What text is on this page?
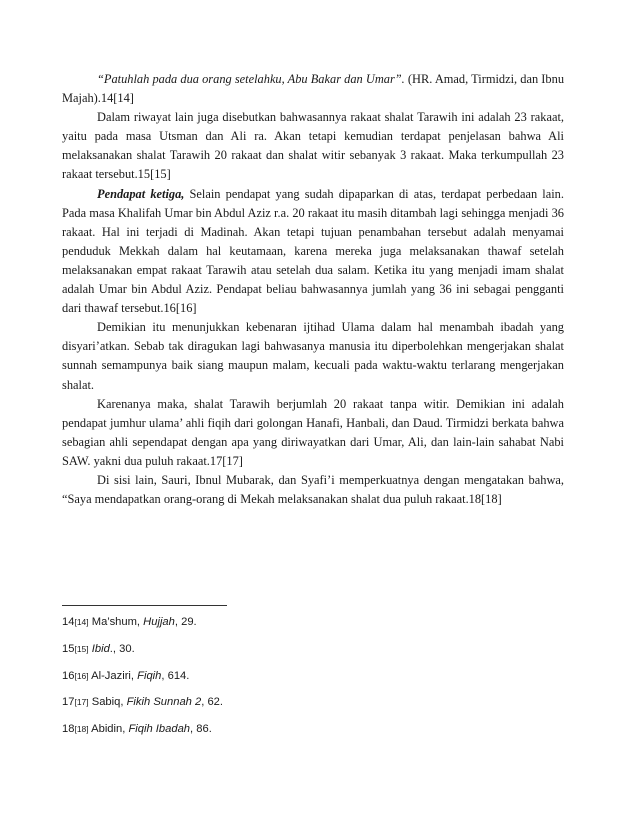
“Patuhlah pada dua orang setelahku, Abu Bakar dan Umar”. (HR. Amad, Tirmidzi, dan Ibnu Majah).14[14]

Dalam riwayat lain juga disebutkan bahwasannya rakaat shalat Tarawih ini adalah 23 rakaat, yaitu pada masa Utsman dan Ali ra. Akan tetapi kemudian terdapat penjelasan bahwa Ali melaksanakan shalat Tarawih 20 rakaat dan shalat witir sebanyak 3 rakaat. Maka terkumpullah 23 rakaat tersebut.15[15]

Pendapat ketiga, Selain pendapat yang sudah dipaparkan di atas, terdapat perbedaan lain. Pada masa Khalifah Umar bin Abdul Aziz r.a. 20 rakaat itu masih ditambah lagi sehingga menjadi 36 rakaat. Hal ini terjadi di Madinah. Akan tetapi tujuan penambahan tersebut adalah menyamai penduduk Mekkah dalam hal keutamaan, karena mereka juga melaksanakan thawaf setelah melaksanakan empat rakaat Tarawih atau setelah dua salam. Ketika itu yang menjadi imam shalat adalah Umar bin Abdul Aziz. Pendapat beliau bahwasannya jumlah yang 36 ini sebagai pengganti dari thawaf tersebut.16[16]

Demikian itu menunjukkan kebenaran ijtihad Ulama dalam hal menambah ibadah yang disyari’atkan. Sebab tak diragukan lagi bahwasanya manusia itu diperbolehkan mengerjakan shalat sunnah semampunya baik siang maupun malam, kecuali pada waktu-waktu terlarang mengerjakan shalat.

Karenanya maka, shalat Tarawih berjumlah 20 rakaat tanpa witir. Demikian ini adalah pendapat jumhur ulama’ ahli fiqih dari golongan Hanafi, Hanbali, dan Daud. Tirmidzi berkata bahwa sebagian ahli sependapat dengan apa yang diriwayatkan dari Umar, Ali, dan lain-lain sahabat Nabi SAW. yakni dua puluh rakaat.17[17]

Di sisi lain, Sauri, Ibnul Mubarak, dan Syafi’i memperkuatnya dengan mengatakan bahwa, “Saya mendapatkan orang-orang di Mekah melaksanakan shalat dua puluh rakaat.18[18]

14[14] Ma’shum, Hujjah, 29.
15[15] Ibid., 30.
16[16] Al-Jaziri, Fiqih, 614.
17[17] Sabiq, Fikih Sunnah 2, 62.
18[18] Abidin, Fiqih Ibadah, 86.
